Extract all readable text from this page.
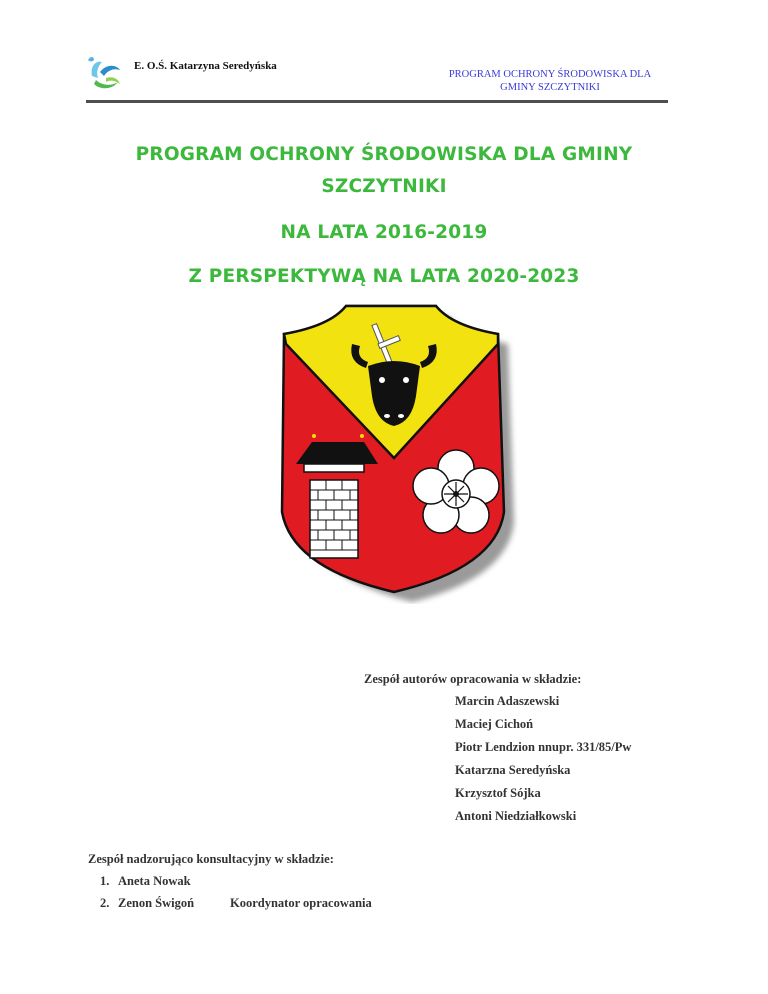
E. O.Ś. Katarzyna Seredyńska
PROGRAM OCHRONY ŚRODOWISKA DLA
GMINY SZCZYTNIKI
PROGRAM OCHRONY ŚRODOWISKA DLA GMINY
SZCZYTNIKI
NA LATA 2016-2019
Z PERSPEKTYWĄ NA LATA 2020-2023
Zespół autorów opracowania w składzie:
Marcin Adaszewski
Maciej Cichoń
Piotr Lendzion nnupr. 331/85/Pw
Katarzna Seredyńska
Krzysztof Sójka
Antoni Niedziałkowski
Zespół nadzorująco konsultacyjny w składzie:
1. Aneta Nowak
2. Zenon Świgoń	Koordynator opracowania
